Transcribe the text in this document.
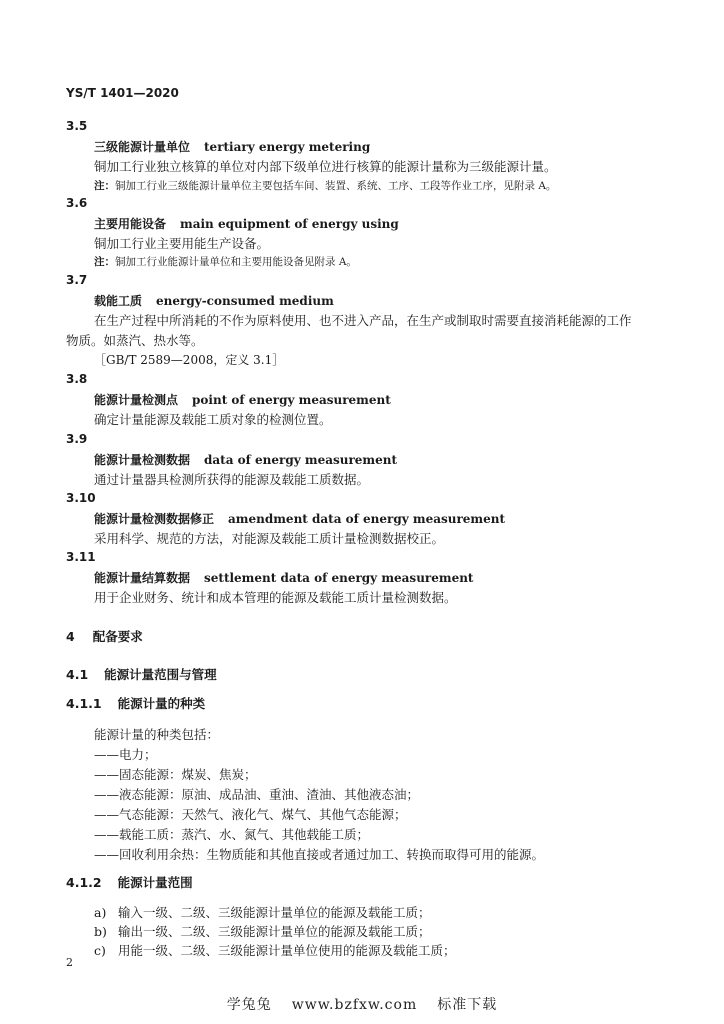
YS/T 1401—2020
3.5
三级能源计量单位 tertiary energy metering
铜加工行业独立核算的单位对内部下级单位进行核算的能源计量称为三级能源计量。
注：铜加工行业三级能源计量单位主要包括车间、装置、系统、工序、工段等作业工序，见附录 A。
3.6
主要用能设备 main equipment of energy using
铜加工行业主要用能生产设备。
注：铜加工行业能源计量单位和主要用能设备见附录 A。
3.7
载能工质 energy-consumed medium
在生产过程中所消耗的不作为原料使用、也不进入产品，在生产或制取时需要直接消耗能源的工作
物质。如蒸汽、热水等。
［GB/T 2589—2008，定义 3.1］
3.8
能源计量检测点 point of energy measurement
确定计量能源及载能工质对象的检测位置。
3.9
能源计量检测数据 data of energy measurement
通过计量器具检测所获得的能源及载能工质数据。
3.10
能源计量检测数据修正 amendment data of energy measurement
采用科学、规范的方法，对能源及载能工质计量检测数据校正。
3.11
能源计量结算数据 settlement data of energy measurement
用于企业财务、统计和成本管理的能源及载能工质计量检测数据。
4 配备要求
4.1 能源计量范围与管理
4.1.1 能源计量的种类
能源计量的种类包括：
——电力；
——固态能源：煤炭、焦炭；
——液态能源：原油、成品油、重油、渣油、其他液态油；
——气态能源：天然气、液化气、煤气、其他气态能源；
——载能工质：蒸汽、水、氮气、其他载能工质；
——回收利用余热：生物质能和其他直接或者通过加工、转换而取得可用的能源。
4.1.2 能源计量范围
a) 输入一级、二级、三级能源计量单位的能源及载能工质；
b) 输出一级、二级、三级能源计量单位的能源及载能工质；
c) 用能一级、二级、三级能源计量单位使用的能源及载能工质；
2
学兔兔 www.bzfxw.com 标准下载
